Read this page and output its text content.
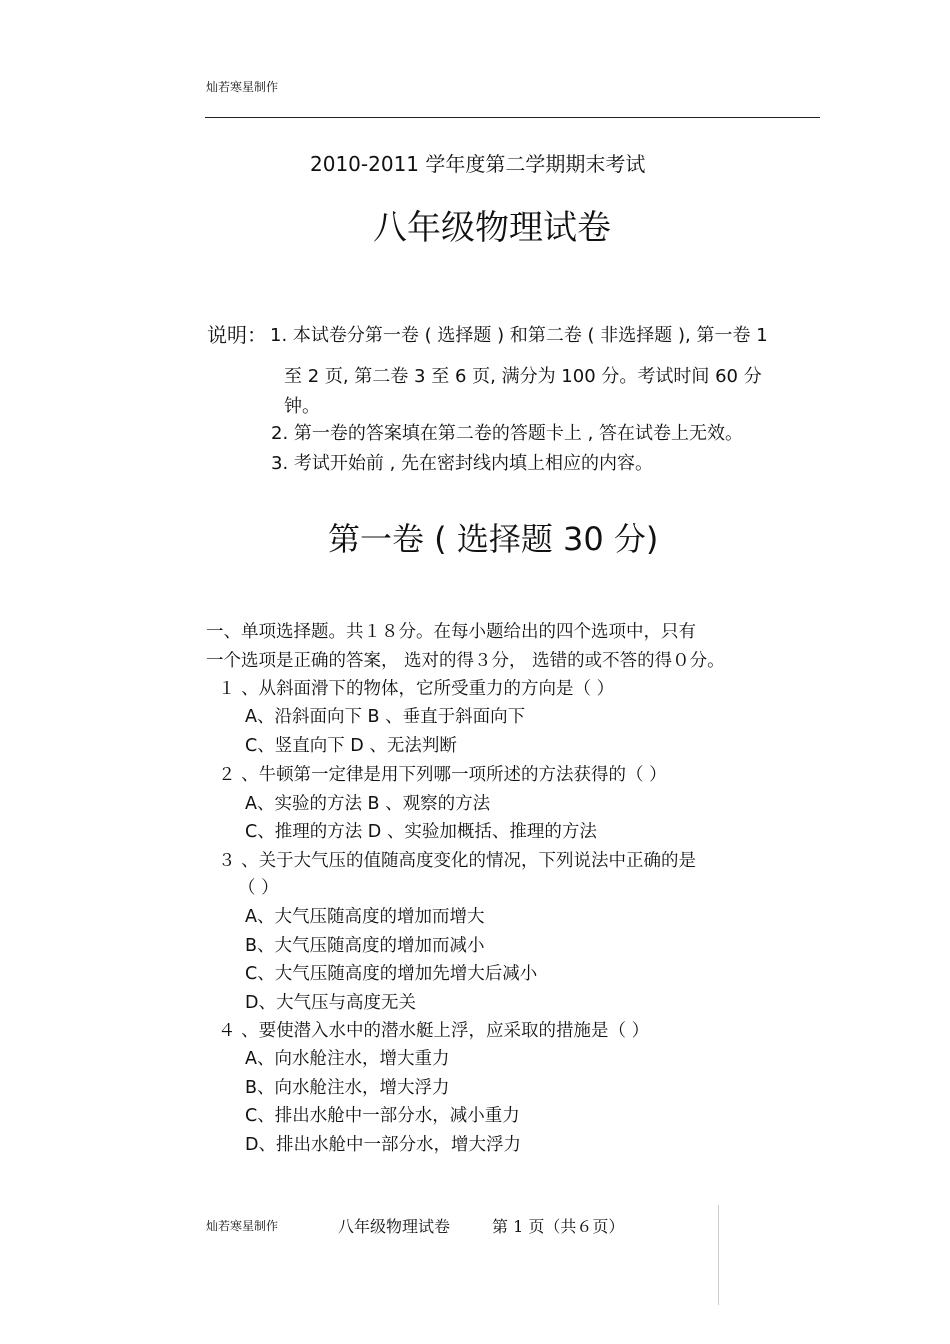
灿若寒星制作
2010-2011 学年度第二学期期末考试
八年级物理试卷
说明： 1. 本试卷分第一卷 ( 选择题 ) 和第二卷 ( 非选择题 ), 第一卷 1
至 2 页, 第二卷 3 至 6 页, 满分为 100 分。考试时间 60 分
钟。
2. 第一卷的答案填在第二卷的答题卡上 , 答在试卷上无效。
3. 考试开始前 , 先在密封线内填上相应的内容。
第一卷 ( 选择题 30 分)
一、单项选择题。共１８分。在每小题给出的四个选项中，只有
一个选项是正确的答案， 选对的得３分， 选错的或不答的得０分。
１ 、从斜面滑下的物体，它所受重力的方向是（ ）
A、沿斜面向下 B 、垂直于斜面向下
C、竖直向下 D 、无法判断
２ 、牛顿第一定律是用下列哪一项所述的方法获得的（ ）
A、实验的方法 B 、观察的方法
C、推理的方法 D 、实验加概括、推理的方法
３ 、关于大气压的值随高度变化的情况，下列说法中正确的是
（ ）
A、大气压随高度的增加而增大
B、大气压随高度的增加而减小
C、大气压随高度的增加先增大后减小
D、大气压与高度无关
４ 、要使潜入水中的潜水艇上浮，应采取的措施是（ ）
A、向水舱注水，增大重力
B、向水舱注水，增大浮力
C、排出水舱中一部分水，减小重力
D、排出水舱中一部分水，增大浮力
灿若寒星制作	八年级物理试卷	第 1 页（共６页）
